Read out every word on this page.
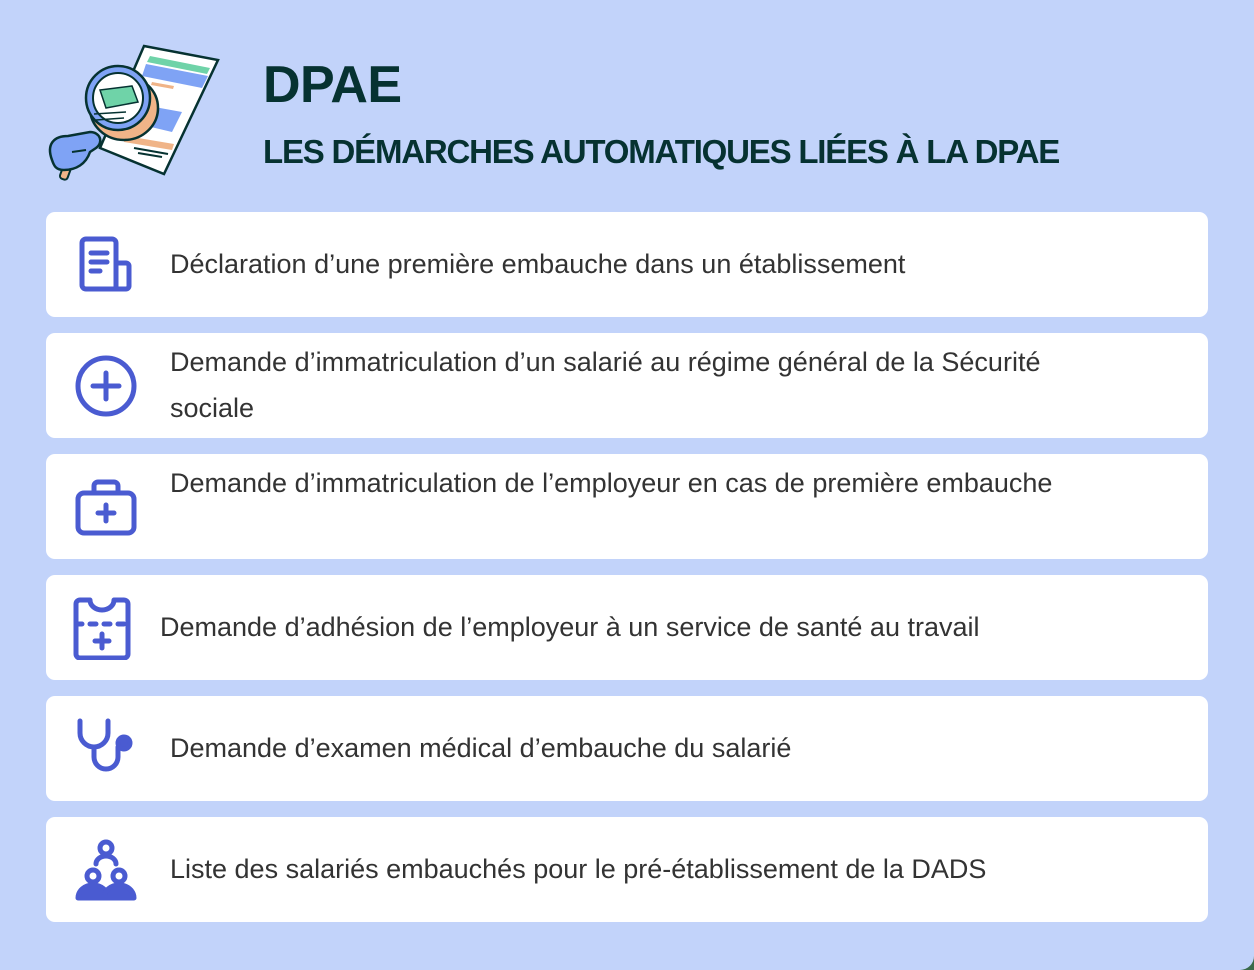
DPAE
LES DÉMARCHES AUTOMATIQUES LIÉES À LA DPAE
Déclaration d’une première embauche dans un établissement
Demande d’immatriculation d’un salarié au régime général de la Sécurité sociale
Demande d’immatriculation de l’employeur en cas de première embauche
Demande d’adhésion de l’employeur à un service de santé au travail
Demande d’examen médical d’embauche du salarié
Liste des salariés embauchés pour le pré-établissement de la DADS
